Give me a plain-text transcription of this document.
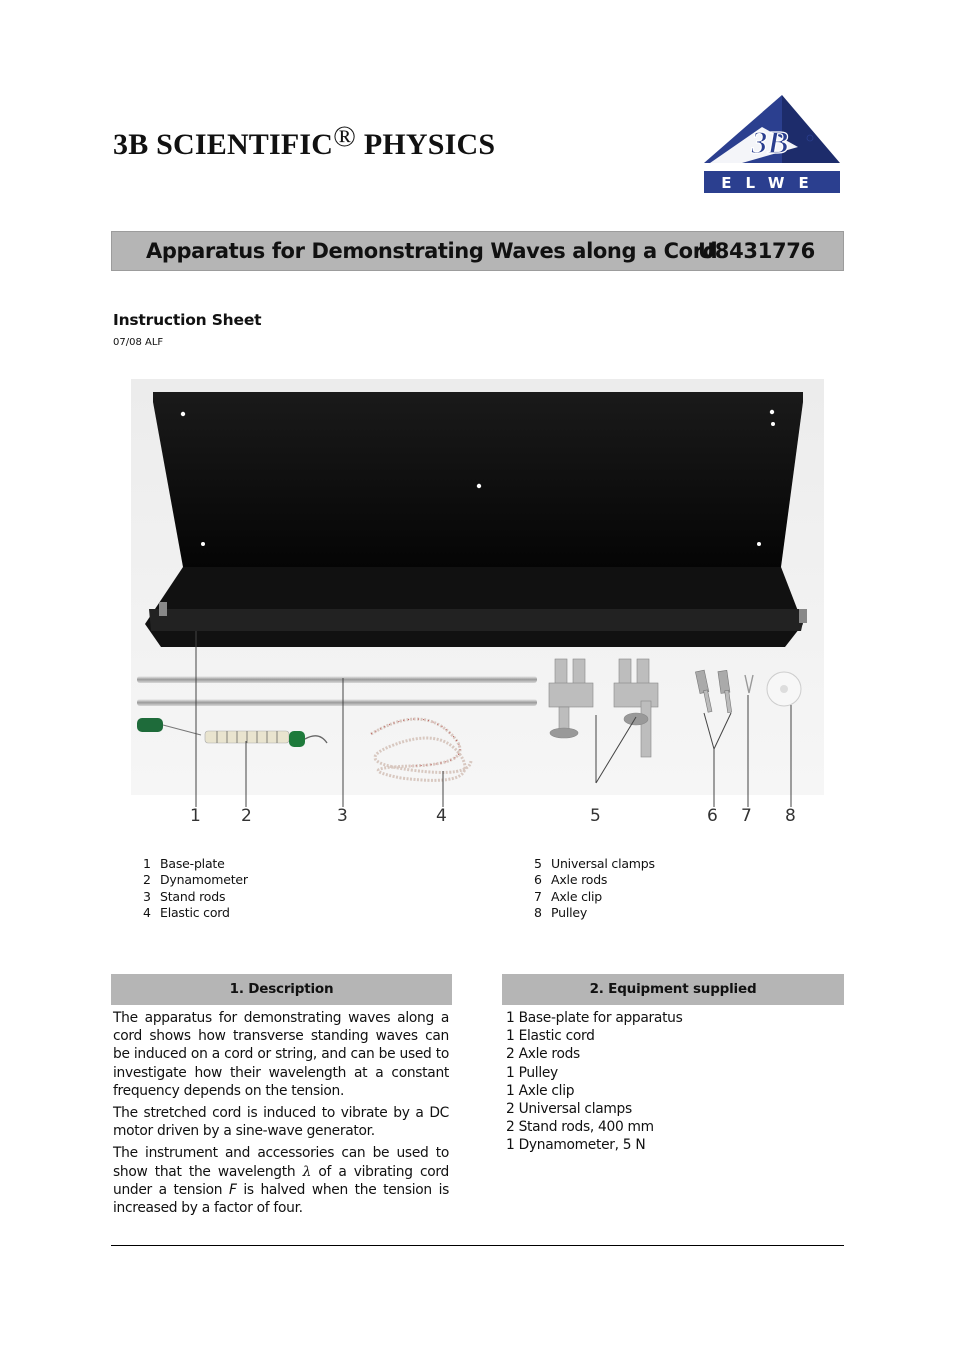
3B SCIENTIFIC® PHYSICS	3B
ELWE
Apparatus for Demonstrating Waves along a Cord
U8431776
Instruction Sheet
07/08 ALF
1 2	3	4	5	6 7 8
1 Base-plate
2 Dynamometer
3 Stand rods
4 Elastic cord
5 Universal clamps
6 Axle rods
7 Axle clip
8 Pulley
1. Description	2. Equipment supplied

The apparatus for demonstrating waves along a cord shows how transverse standing waves can be induced on a cord or string, and can be used to investigate how their wavelength at a constant frequency depends on the tension.

The stretched cord is induced to vibrate by a DC motor driven by a sine-wave generator.

The instrument and accessories can be used to show that the wavelength λ of a vibrating cord under a tension F is halved when the tension is increased by a factor of four.

1 Base-plate for apparatus
1 Elastic cord
2 Axle rods
1 Pulley
1 Axle clip
2 Universal clamps
2 Stand rods, 400 mm
1 Dynamometer, 5 N
